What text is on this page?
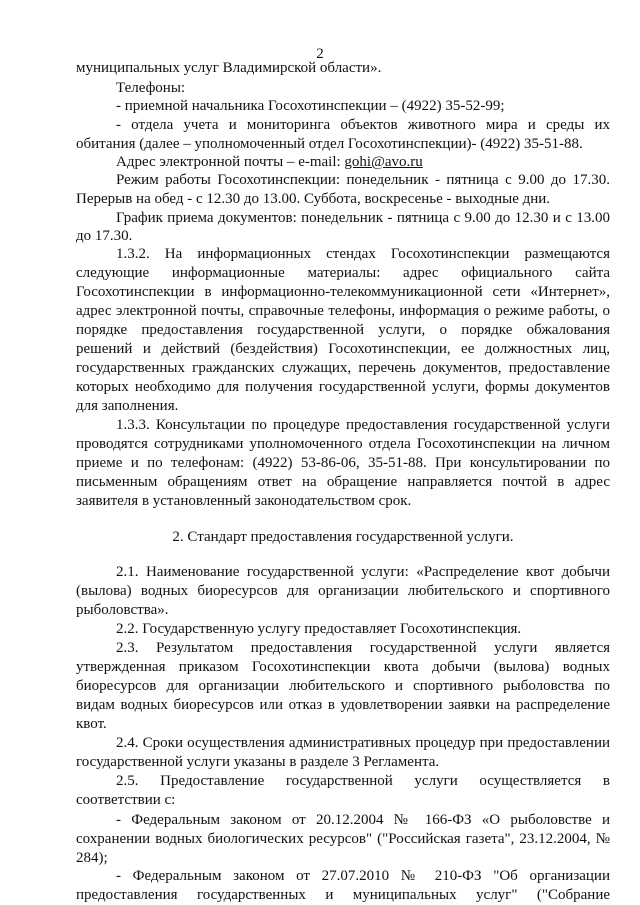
2
муниципальных услуг Владимирской области».
Телефоны:
- приемной начальника Госохотинспекции – (4922) 35-52-99;
- отдела учета и мониторинга объектов животного мира и среды их
обитания (далее – уполномоченный отдел Госохотинспекции)- (4922) 35-51-88.
Режим работы Госохотинспекции: понедельник - пятница с 9.00 до 17.30.
Перерыв на обед - с 12.30 до 13.00. Суббота, воскресенье - выходные дни.
График приема документов: понедельник - пятница с 9.00 до 12.30 и с 13.00
до 17.30.
1.3.2. На информационных стендах Госохотинспекции размещаются
следующие информационные материалы: адрес официального сайта
Госохотинспекции в информационно-телекоммуникационной сети «Интернет»,
адрес электронной почты, справочные телефоны, информация о режиме работы, о
порядке предоставления государственной услуги, о порядке обжалования
решений и действий (бездействия) Госохотинспекции, ее должностных лиц,
государственных гражданских служащих, перечень документов, предоставление
которых необходимо для получения государственной услуги, формы документов
для заполнения.
1.3.3. Консультации по процедуре предоставления государственной услуги
проводятся сотрудниками уполномоченного отдела Госохотинспекции на личном
приеме и по телефонам: (4922) 53-86-06, 35-51-88. При консультировании по
письменным обращениям ответ на обращение направляется почтой в адрес
заявителя в установленный законодательством срок.
2. Стандарт предоставления государственной услуги.
2.1. Наименование государственной услуги: «Распределение квот добычи
(вылова) водных биоресурсов для организации любительского и спортивного
рыболовства».
2.2. Государственную услугу предоставляет Госохотинспекция.
2.3. Результатом предоставления государственной услуги является
утвержденная приказом Госохотинспекции квота добычи (вылова) водных
биоресурсов для организации любительского и спортивного рыболовства по
видам водных биоресурсов или отказ в удовлетворении заявки на распределение
квот.
2.4. Сроки осуществления административных процедур при предоставлении
государственной услуги указаны в разделе 3 Регламента.
2.5. Предоставление государственной услуги осуществляется в
соответствии с:
- Федеральным законом от 20.12.2004 № 166-ФЗ «О рыболовстве и
сохранении водных биологических ресурсов" ("Российская газета", 23.12.2004, №
284);
- Федеральным законом от 27.07.2010 № 210-ФЗ "Об организации
предоставления государственных и муниципальных услуг" ("Собрание
Адрес электронной почты – e-mail: gohi@avo.ru
